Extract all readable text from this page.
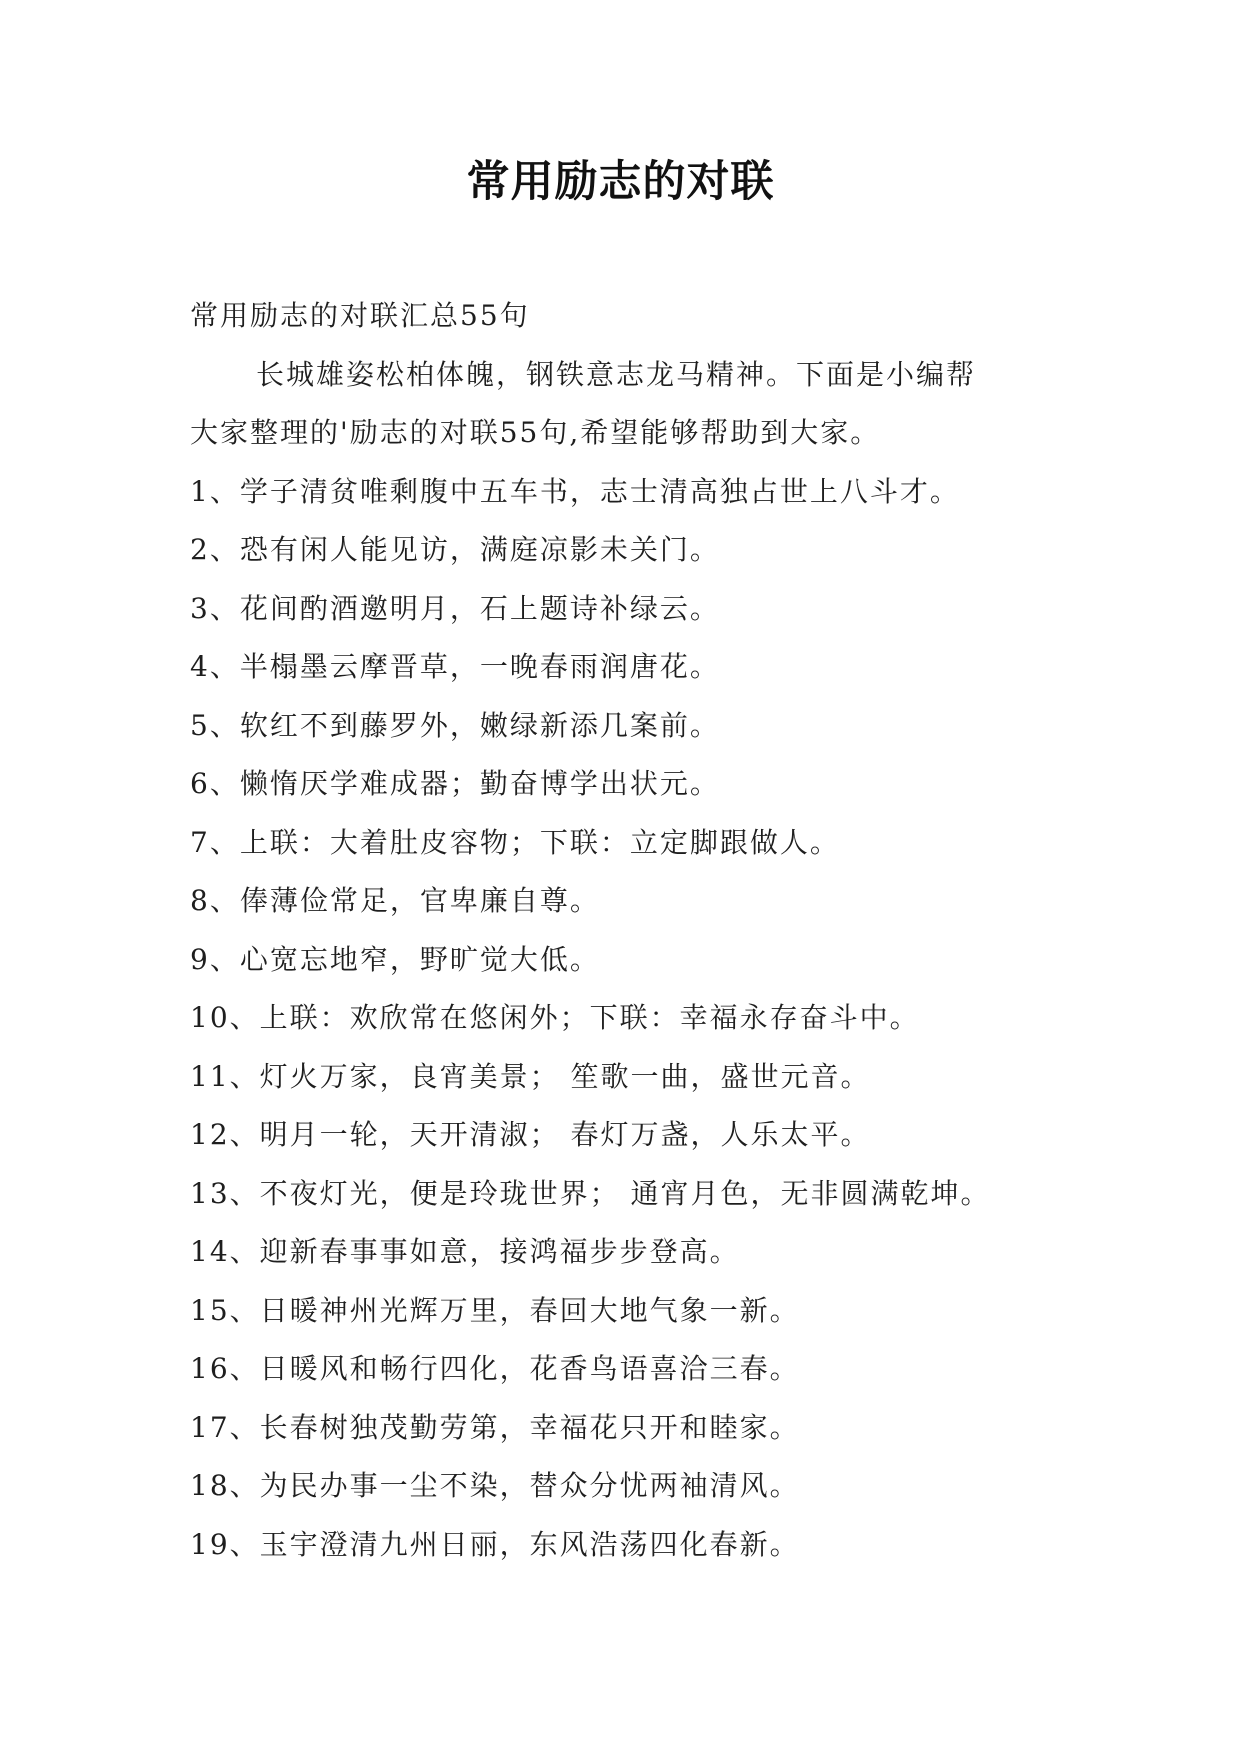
常用励志的对联
常用励志的对联汇总55句
长城雄姿松柏体魄，钢铁意志龙马精神。下面是小编帮
大家整理的'励志的对联55句,希望能够帮助到大家。
1、学子清贫唯剩腹中五车书，志士清高独占世上八斗才。
2、恐有闲人能见访，满庭凉影未关门。
3、花间酌酒邀明月，石上题诗补绿云。
4、半榻墨云摩晋草，一晚春雨润唐花。
5、软红不到藤罗外，嫩绿新添几案前。
6、懒惰厌学难成器；勤奋博学出状元。
7、上联：大着肚皮容物；下联：立定脚跟做人。
8、俸薄俭常足，官卑廉自尊。
9、心宽忘地窄，野旷觉大低。
10、上联：欢欣常在悠闲外；下联：幸福永存奋斗中。
11、灯火万家，良宵美景； 笙歌一曲，盛世元音。
12、明月一轮，天开清淑； 春灯万盏，人乐太平。
13、不夜灯光，便是玲珑世界； 通宵月色，无非圆满乾坤。
14、迎新春事事如意，接鸿福步步登高。
15、日暖神州光辉万里，春回大地气象一新。
16、日暖风和畅行四化，花香鸟语喜洽三春。
17、长春树独茂勤劳第，幸福花只开和睦家。
18、为民办事一尘不染，替众分忧两袖清风。
19、玉宇澄清九州日丽，东风浩荡四化春新。
